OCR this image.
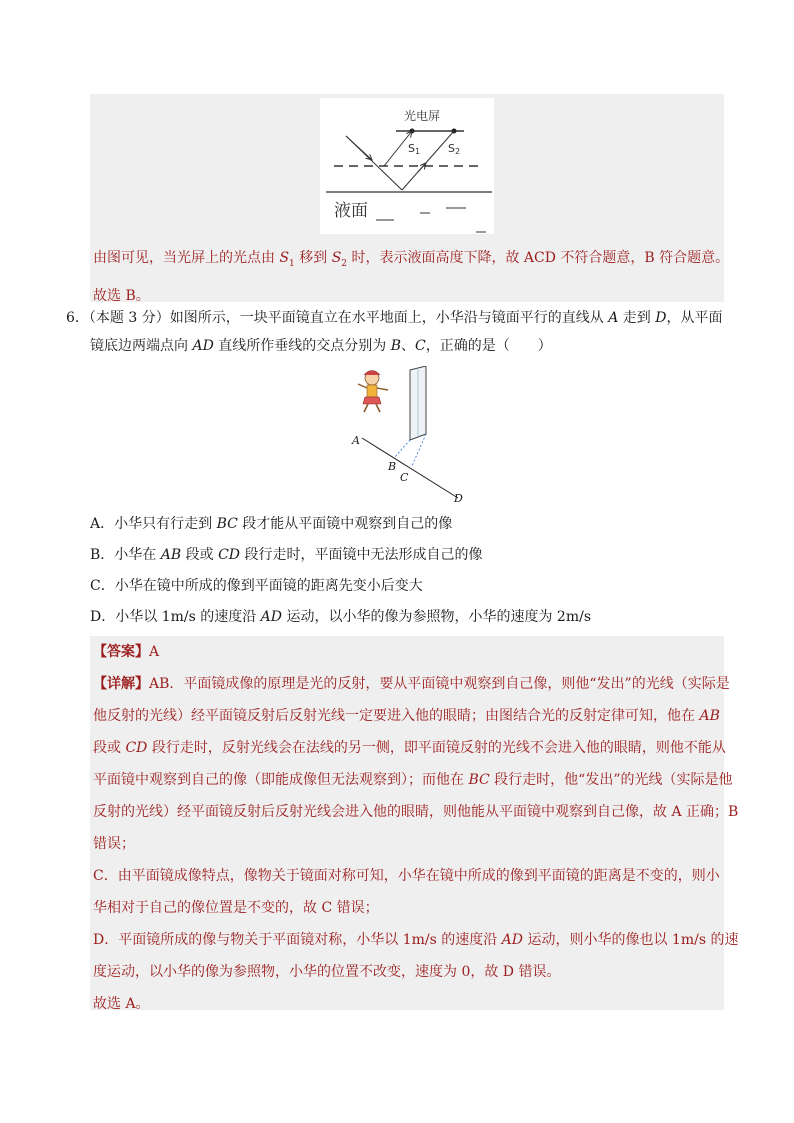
由图可见，当光屏上的光点由 $S_1$ 移到 $S_2$ 时，表示液面高度下降，故 ACD 不符合题意，B 符合题意。
故选 B。
光电屏
S1	S2
液面
6．（本题 3 分）如图所示，一块平面镜直立在水平地面上，小华沿与镜面平行的直线从 A 走到 D，从平面
镜底边两端点向 AD 直线所作垂线的交点分别为 B、C，正确的是（　　）
A
B
C
D
A．小华只有行走到 BC 段才能从平面镜中观察到自己的像
B．小华在 AB 段或 CD 段行走时，平面镜中无法形成自己的像
C．小华在镜中所成的像到平面镜的距离先变小后变大
D．小华以 1m/s 的速度沿 AD 运动，以小华的像为参照物，小华的速度为 2m/s
【答案】A
【详解】AB．平面镜成像的原理是光的反射，要从平面镜中观察到自己像，则他“发出”的光线（实际是
他反射的光线）经平面镜反射后反射光线一定要进入他的眼睛；由图结合光的反射定律可知，他在 AB
段或 CD 段行走时，反射光线会在法线的另一侧，即平面镜反射的光线不会进入他的眼睛，则他不能从
平面镜中观察到自己的像（即能成像但无法观察到）；而他在 BC 段行走时，他“发出”的光线（实际是他
反射的光线）经平面镜反射后反射光线会进入他的眼睛，则他能从平面镜中观察到自己像，故 A 正确；B
错误；
C．由平面镜成像特点，像物关于镜面对称可知，小华在镜中所成的像到平面镜的距离是不变的，则小
华相对于自己的像位置是不变的，故 C 错误；
D．平面镜所成的像与物关于平面镜对称，小华以 1m/s 的速度沿 AD 运动，则小华的像也以 1m/s 的速
度运动，以小华的像为参照物，小华的位置不改变，速度为 0，故 D 错误。
故选 A。
